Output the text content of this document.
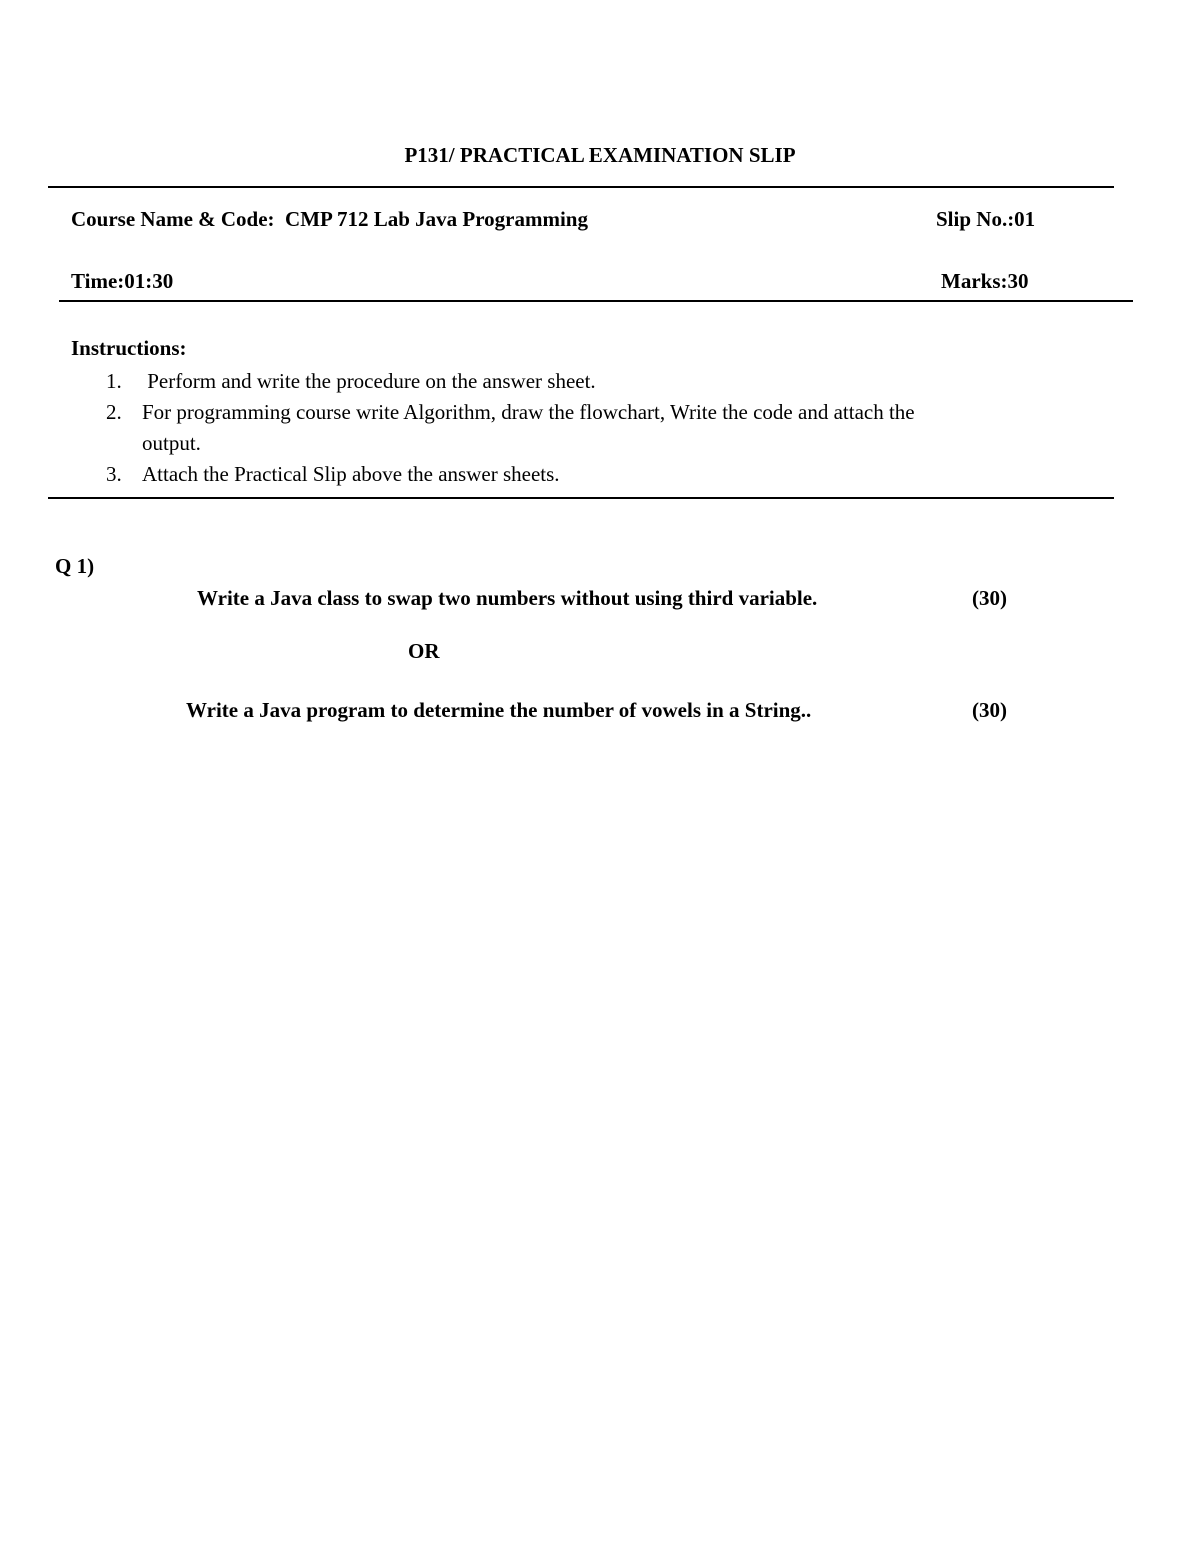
P131/ PRACTICAL EXAMINATION SLIP
Course Name & Code: CMP 712 Lab Java Programming	Slip No.:01
Time:01:30	Marks:30
Instructions:
1. Perform and write the procedure on the answer sheet.
2. For programming course write Algorithm, draw the flowchart, Write the code and attach the output.
3. Attach the Practical Slip above the answer sheets.
Q 1)
Write a Java class to swap two numbers without using third variable.	(30)
OR
Write a Java program to determine the number of vowels in a String..	(30)
